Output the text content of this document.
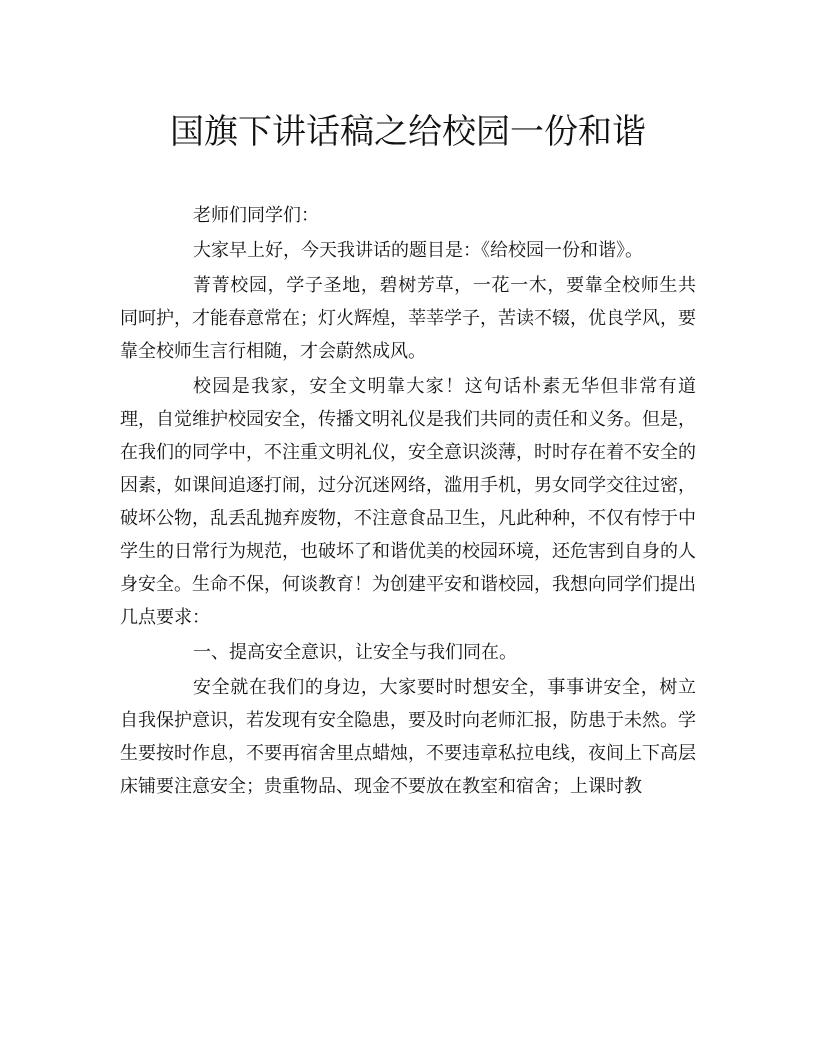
国旗下讲话稿之给校园一份和谐

老师们同学们：

大家早上好，今天我讲话的题目是：《给校园一份和谐》。

菁菁校园，学子圣地，碧树芳草，一花一木，要靠全校师生共同呵护，才能春意常在；灯火辉煌，莘莘学子，苦读不辍，优良学风，要靠全校师生言行相随，才会蔚然成风。

校园是我家，安全文明靠大家！这句话朴素无华但非常有道理，自觉维护校园安全，传播文明礼仪是我们共同的责任和义务。但是，在我们的同学中，不注重文明礼仪，安全意识淡薄，时时存在着不安全的因素，如课间追逐打闹，过分沉迷网络，滥用手机，男女同学交往过密，破坏公物，乱丢乱抛弃废物，不注意食品卫生，凡此种种，不仅有悖于中学生的日常行为规范，也破坏了和谐优美的校园环境，还危害到自身的人身安全。生命不保，何谈教育！为创建平安和谐校园，我想向同学们提出几点要求：

一、提高安全意识，让安全与我们同在。

安全就在我们的身边，大家要时时想安全，事事讲安全，树立自我保护意识，若发现有安全隐患，要及时向老师汇报，防患于未然。学生要按时作息，不要再宿舍里点蜡烛，不要违章私拉电线，夜间上下高层床铺要注意安全；贵重物品、现金不要放在教室和宿舍；上课时教
